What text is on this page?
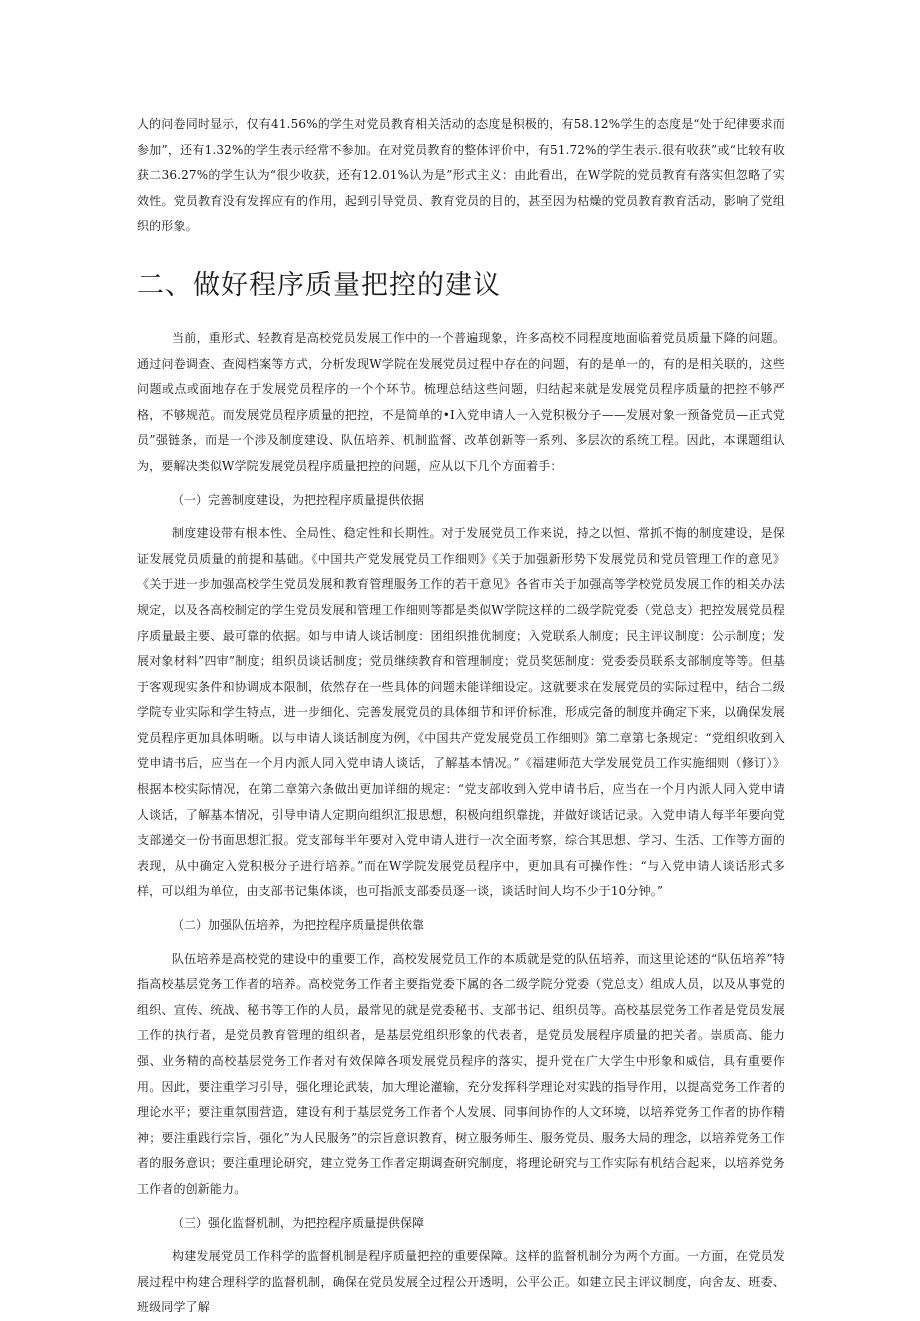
人的问卷同时显示，仅有41.56%的学生对党员教育相关活动的态度是积极的，有58.12%学生的态度是“处于纪律要求而参加”，还有1.32%的学生表示经常不参加。在对党员教育的整体评价中，有51.72%的学生表示.很有收获”或“比较有收获二36.27%的学生认为“很少收获，还有12.01%认为是”形式主义：由此看出，在W学院的党员教育有落实但忽略了实效性。党员教育没有发挥应有的作用，起到引导党员、教育党员的目的，甚至因为枯燥的党员教育教育活动，影响了党组织的形象。

二、做好程序质量把控的建议

当前，重形式、轻教育是高校党员发展工作中的一个普遍现象，许多高校不同程度地面临着党员质量下降的问题。通过问卷调查、查阅档案等方式，分析发现W学院在发展党员过程中存在的问题，有的是单一的，有的是相关联的，这些问题或点或面地存在于发展党员程序的一个个环节。梳理总结这些问题，归结起来就是发展党员程序质量的把控不够严格，不够规范。而发展党员程序质量的把控，不是简单的•I入党申请人一入党积极分子——发展对象一预备党员—正式党员”强链条，而是一个涉及制度建设、队伍培养、机制监督、改革创新等一系列、多层次的系统工程。因此，本课题组认为，要解决类似W学院发展党员程序质量把控的问题，应从以下几个方面着手：

（一）完善制度建设，为把控程序质量提供依据

制度建设带有根本性、全局性、稳定性和长期性。对于发展党员工作来说，持之以恒、常抓不悔的制度建设，是保证发展党员质量的前提和基础。《中国共产党发展党员工作细则》《关于加强新形势下发展党员和党员管理工作的意见》《关于进一步加强高校学生党员发展和教育管理服务工作的若干意见》各省市关于加强高等学校党员发展工作的相关办法规定，以及各高校制定的学生党员发展和管理工作细则等都是类似W学院这样的二级学院党委（党总支）把控发展党员程序质量最主要、最可靠的依据。如与申请人谈话制度：团组织推优制度；入党联系人制度；民主评议制度：公示制度；发展对象材料”四审”制度；组织员谈话制度；党员继续教育和管理制度；党员奖惩制度：党委委员联系支部制度等等。但基于客观现实条件和协调成本限制，依然存在一些具体的问题未能详细设定。这就要求在发展党员的实际过程中，结合二级学院专业实际和学生特点，进一步细化、完善发展党员的具体细节和评价标准，形成完备的制度并确定下来，以确保发展党员程序更加具体明晰。以与申请人谈话制度为例，《中国共产党发展党员工作细则》第二章第七条规定：“党组织收到入党申请书后，应当在一个月内派人同入党申请人谈话，了解基本情况。”《福建师范大学发展党员工作实施细则（修订）》根据本校实际情况，在第二章第六条做出更加详细的规定：“党支部收到入党申请书后，应当在一个月内派人同入党申请人谈话，了解基本情况，引导申请人定期向组织汇报思想，积极向组织靠拢，并做好谈话记录。入党申请人每半年要向党支部递交一份书面思想汇报。党支部每半年要对入党申请人进行一次全面考察，综合其思想、学习、生活、工作等方面的表现，从中确定入党积极分子进行培养。”而在W学院发展党员程序中，更加具有可操作性：“与入党申请人谈话形式多样，可以组为单位，由支部书记集体谈，也可指派支部委员逐一谈，谈话时间人均不少于10分钟。”

（二）加强队伍培养，为把控程序质量提供依靠

队伍培养是高校党的建设中的重要工作，高校发展党员工作的本质就是党的队伍培养，而这里论述的“队伍培养”特指高校基层党务工作者的培养。高校党务工作者主要指党委下属的各二级学院分党委（党总支）组成人员，以及从事党的组织、宣传、统战、秘书等工作的人员，最常见的就是党委秘书、支部书记、组织员等。高校基层党务工作者是党员发展工作的执行者，是党员教育管理的组织者，是基层党组织形象的代表者，是党员发展程序质量的把关者。崇质高、能力强、业务精的高校基层党务工作者对有效保障各项发展党员程序的落实，提升党在广大学生中形象和威信，具有重要作用。因此，要注重学习引导，强化理论武装，加大理论灌输，充分发挥科学理论对实践的指导作用，以提高党务工作者的理论水平；要注重氛围营造，建设有利于基层党务工作者个人发展、同事间协作的人文环境，以培养党务工作者的协作精神；要注重践行宗旨，强化”为人民服务”的宗旨意识教育，树立服务师生、服务党员、服务大局的理念，以培养党务工作者的服务意识；要注重理论研究，建立党务工作者定期调查研究制度，将理论研究与工作实际有机结合起来，以培养党务工作者的创新能力。

（三）强化监督机制，为把控程序质量提供保障

构建发展党员工作科学的监督机制是程序质量把控的重要保障。这样的监督机制分为两个方面。一方面，在党员发展过程中构建合理科学的监督机制，确保在党员发展全过程公开透明，公平公正。如建立民主评议制度，向舍友、班委、班级同学了解
